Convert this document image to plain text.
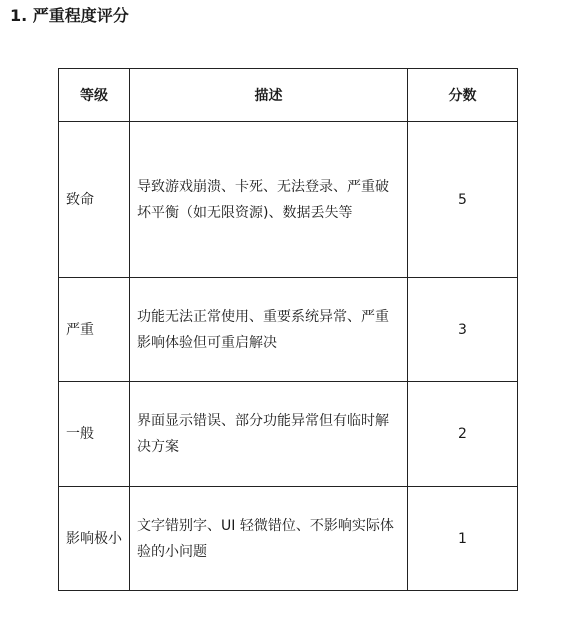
1. 严重程度评分
等级	描述	分数
致命	导致游戏崩溃、卡死、无法登录、严重破坏平衡（如无限资源)、数据丢失等	5
严重	功能无法正常使用、重要系统异常、严重影响体验但可重启解决	3
一般	界面显示错误、部分功能异常但有临时解决方案	2
影响极小	文字错别字、UI 轻微错位、不影响实际体验的小问题	1
